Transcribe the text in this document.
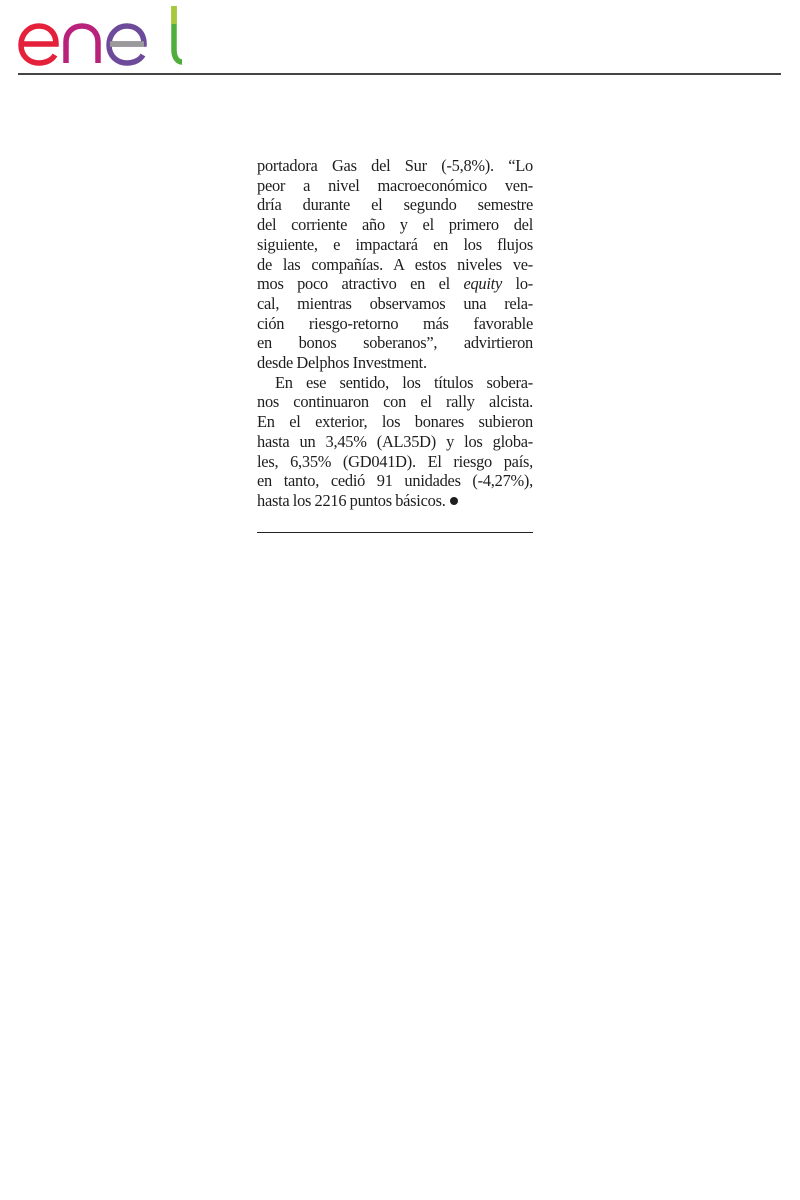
portadora Gas del Sur (-5,8%). “Lo
peor a nivel macroeconómico ven-
dría durante el segundo semestre
del corriente año y el primero del
siguiente, e impactará en los flujos
de las compañías. A estos niveles ve-
mos poco atractivo en el equity lo-
cal, mientras observamos una rela-
ción riesgo-retorno más favorable
en bonos soberanos”, advirtieron
desde Delphos Investment.

En ese sentido, los títulos sobera-
nos continuaron con el rally alcista.
En el exterior, los bonares subieron
hasta un 3,45% (AL35D) y los globa-
les, 6,35% (GD041D). El riesgo país,
en tanto, cedió 91 unidades (-4,27%),
hasta los 2216 puntos básicos.
